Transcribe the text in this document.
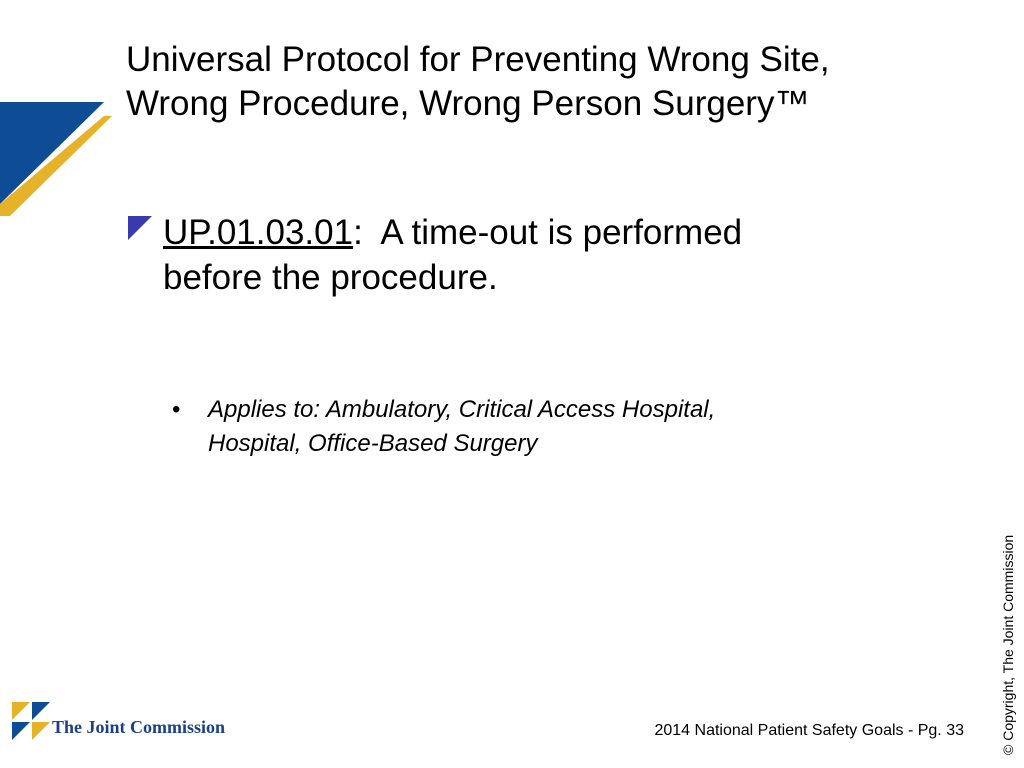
Universal Protocol for Preventing Wrong Site,
Wrong Procedure, Wrong Person Surgery™
UP.01.03.01:  A time-out is performed
before the procedure.
• Applies to: Ambulatory, Critical Access Hospital,
Hospital, Office-Based Surgery
The Joint Commission	2014 National Patient Safety Goals - Pg. 33	© Copyright, The Joint Commission
